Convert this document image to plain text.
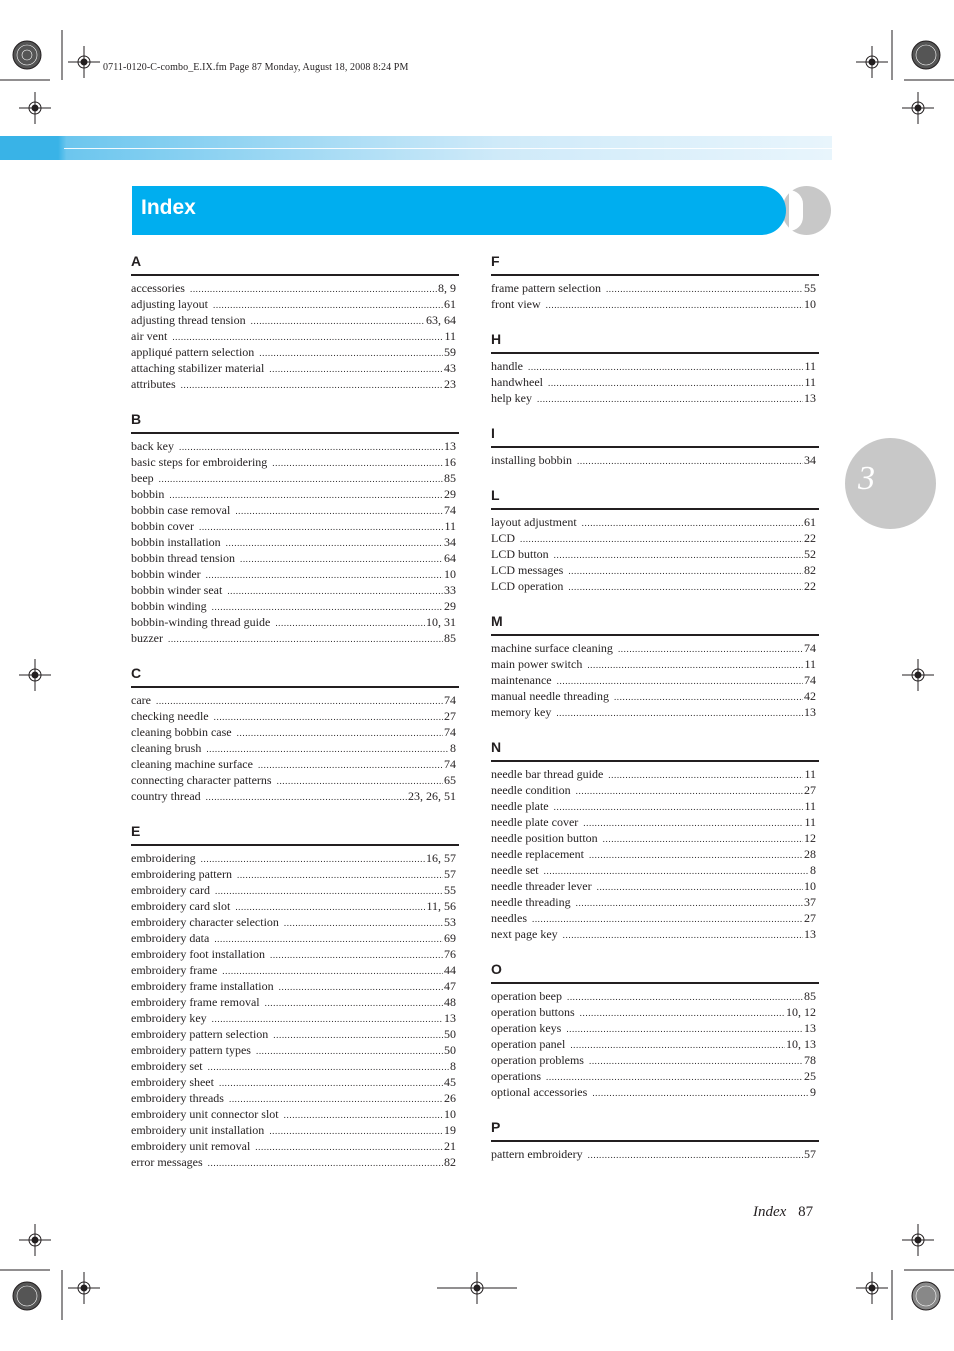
0711-0120-C-combo_E.IX.fm Page 87 Monday, August 18, 2008 8:24 PM
Index
3
A
accessories .....	8, 9
adjusting layout .....	61
adjusting thread tension .....	63, 64
air vent .....	11
appliqué pattern selection .....	59
attaching stabilizer material .....	43
attributes .....	23
B
back key .....	13
basic steps for embroidering .....	16
beep .....	85
bobbin .....	29
bobbin case removal .....	74
bobbin cover .....	11
bobbin installation .....	34
bobbin thread tension .....	64
bobbin winder .....	10
bobbin winder seat .....	33
bobbin winding .....	29
bobbin-winding thread guide .....	10, 31
buzzer .....	85
C
care .....	74
checking needle .....	27
cleaning bobbin case .....	74
cleaning brush .....	8
cleaning machine surface .....	74
connecting character patterns .....	65
country thread .....	23, 26, 51
E
embroidering .....	16, 57
embroidering pattern .....	57
embroidery card .....	55
embroidery card slot .....	11, 56
embroidery character selection .....	53
embroidery data .....	69
embroidery foot installation .....	76
embroidery frame .....	44
embroidery frame installation .....	47
embroidery frame removal .....	48
embroidery key .....	13
embroidery pattern selection .....	50
embroidery pattern types .....	50
embroidery set .....	8
embroidery sheet .....	45
embroidery threads .....	26
embroidery unit connector slot .....	10
embroidery unit installation .....	19
embroidery unit removal .....	21
error messages .....	82
F
frame pattern selection .....	55
front view .....	10
H
handle .....	11
handwheel .....	11
help key .....	13
I
installing bobbin .....	34
L
layout adjustment .....	61
LCD .....	22
LCD button .....	52
LCD messages .....	82
LCD operation .....	22
M
machine surface cleaning .....	74
main power switch .....	11
maintenance .....	74
manual needle threading .....	42
memory key .....	13
N
needle bar thread guide .....	11
needle condition .....	27
needle plate .....	11
needle plate cover .....	11
needle position button .....	12
needle replacement .....	28
needle set .....	8
needle threader lever .....	10
needle threading .....	37
needles .....	27
next page key .....	13
O
operation beep .....	85
operation buttons .....	10, 12
operation keys .....	13
operation panel .....	10, 13
operation problems .....	78
operations .....	25
optional accessories .....	9
P
pattern embroidery .....	57
Index 87
